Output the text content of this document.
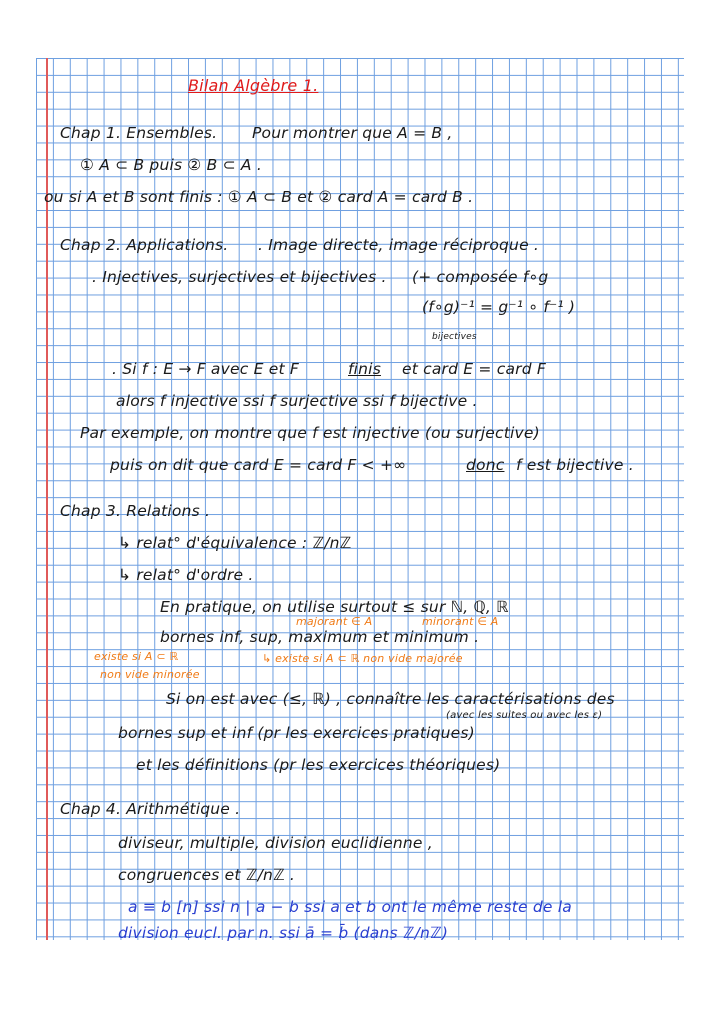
Bilan Algèbre 1.
Chap 1. Ensembles. Pour montrer que A = B ,
① A ⊂ B puis ② B ⊂ A .
ou si A et B sont finis : ① A ⊂ B et ② card A = card B .
Chap 2. Applications. . Image directe, image réciproque .
. Injectives, surjectives et bijectives . (+ composée f∘g
(f∘g)⁻¹ = g⁻¹ ∘ f⁻¹ )
bijectives
. Si f : E → F avec E et F	finis et card E = card F
alors f injective ssi f surjective ssi f bijective .
Par exemple, on montre que f est injective (ou surjective)
puis on dit que card E = card F < +∞	donc f est bijective .
Chap 3. Relations .
↳ relat° d'équivalence : ℤ/nℤ
↳ relat° d'ordre .
En pratique, on utilise surtout ≤ sur ℕ, ℚ, ℝ
majorant ∈ A	minorant ∈ A
bornes inf, sup, maximum et minimum .
existe si A ⊂ ℝ
non vide minorée
↳ existe si A ⊂ ℝ non vide majorée
Si on est avec (≤, ℝ) , connaître les caractérisations des
(avec les suites ou avec les ε)
bornes sup et inf (pr les exercices pratiques)
et les définitions (pr les exercices théoriques)
Chap 4. Arithmétique .
diviseur, multiple, division euclidienne ,
congruences et ℤ/nℤ .
a ≡ b [n] ssi n | a − b ssi a et b ont le même reste de la
division eucl. par n. ssi ā = b̄ (dans ℤ/nℤ)
